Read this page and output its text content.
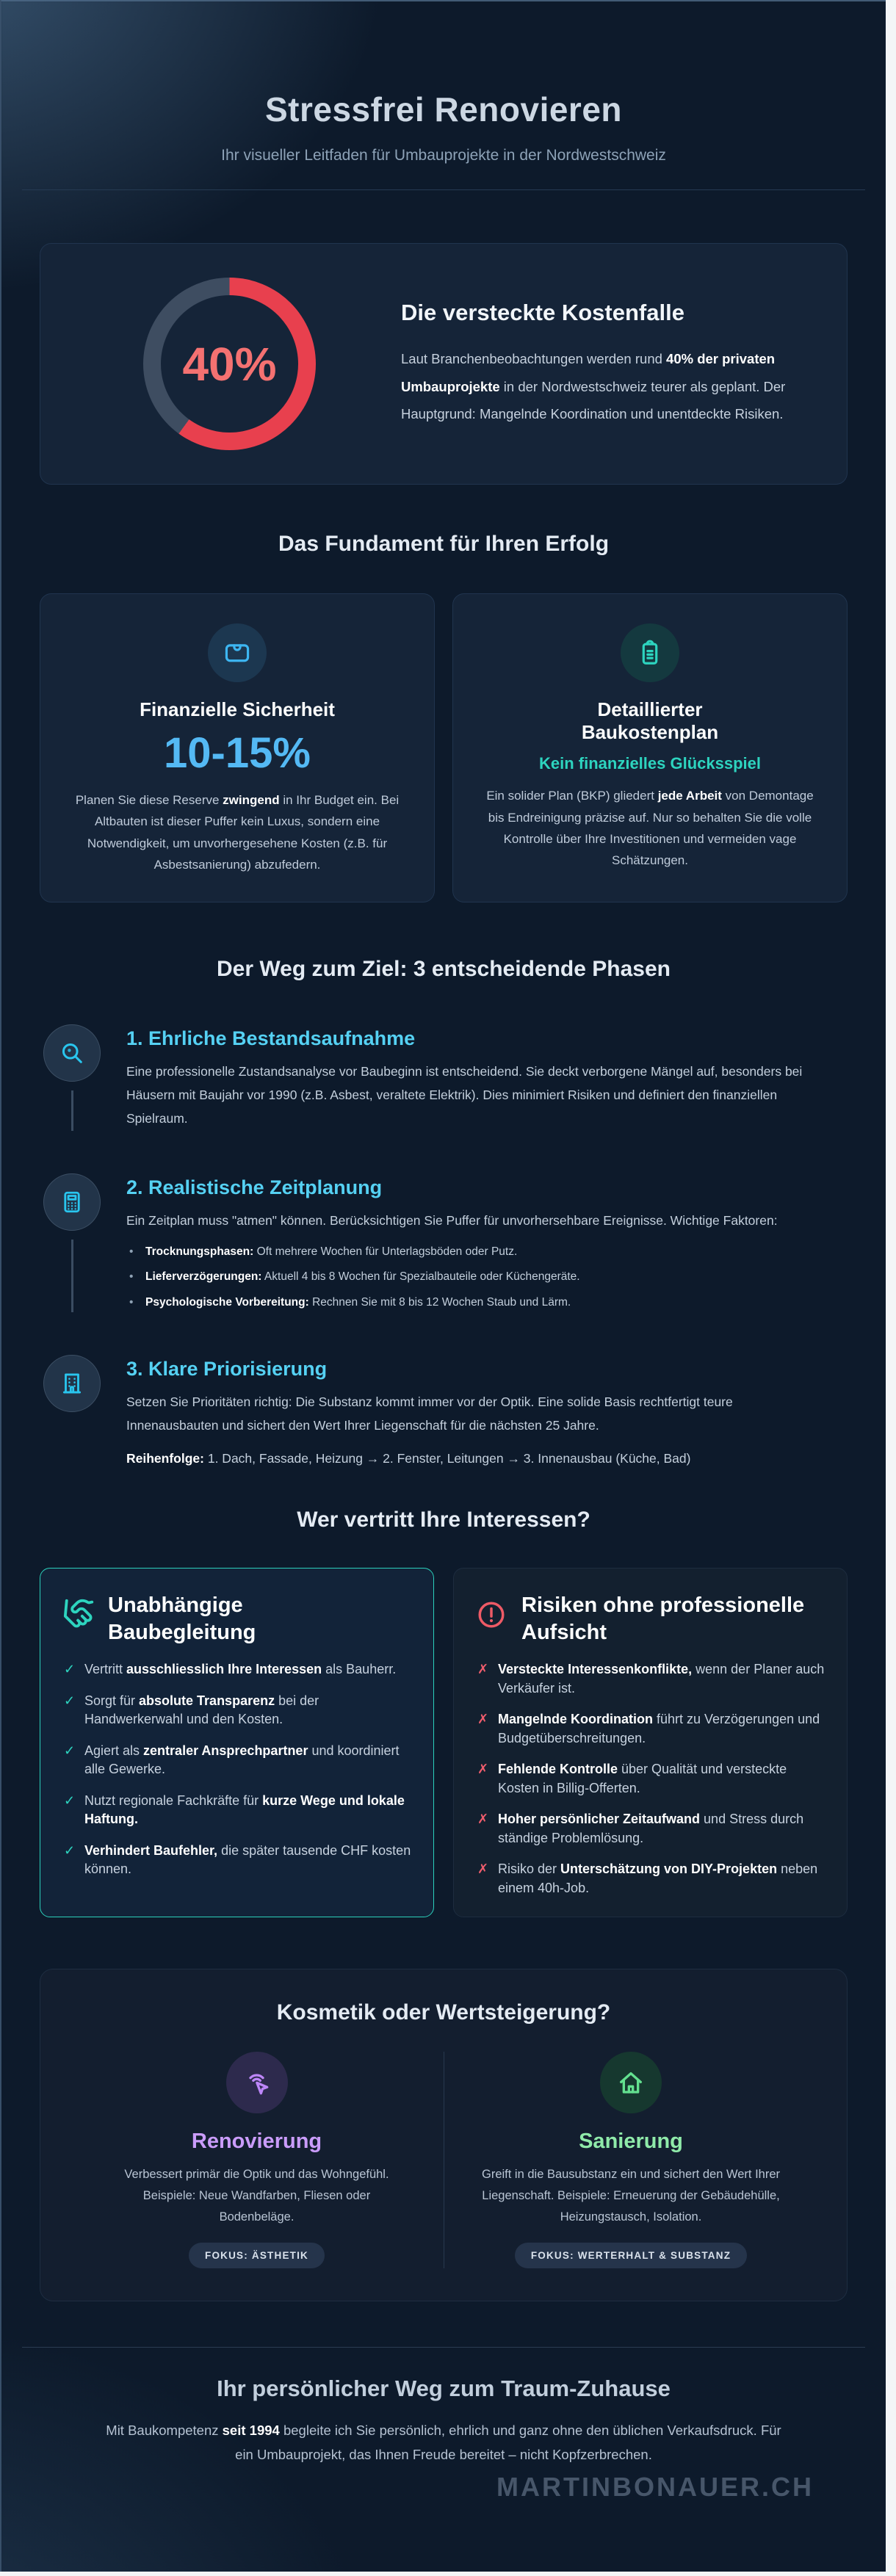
Stressfrei Renovieren
Ihr visueller Leitfaden für Umbauprojekte in der Nordwestschweiz
40%
Die versteckte Kostenfalle
Laut Branchenbeobachtungen werden rund 40% der privaten Umbauprojekte in der Nordwestschweiz teurer als geplant. Der Hauptgrund: Mangelnde Koordination und unentdeckte Risiken.
Das Fundament für Ihren Erfolg
Finanzielle Sicherheit
10-15%
Planen Sie diese Reserve zwingend in Ihr Budget ein. Bei Altbauten ist dieser Puffer kein Luxus, sondern eine Notwendigkeit, um unvorhergesehene Kosten (z.B. für Asbestsanierung) abzufedern.
Detaillierter Baukostenplan
Kein finanzielles Glücksspiel
Ein solider Plan (BKP) gliedert jede Arbeit von Demontage bis Endreinigung präzise auf. Nur so behalten Sie die volle Kontrolle über Ihre Investitionen und vermeiden vage Schätzungen.
Der Weg zum Ziel: 3 entscheidende Phasen
1. Ehrliche Bestandsaufnahme
Eine professionelle Zustandsanalyse vor Baubeginn ist entscheidend. Sie deckt verborgene Mängel auf, besonders bei Häusern mit Baujahr vor 1990 (z.B. Asbest, veraltete Elektrik). Dies minimiert Risiken und definiert den finanziellen Spielraum.
2. Realistische Zeitplanung
Ein Zeitplan muss "atmen" können. Berücksichtigen Sie Puffer für unvorhersehbare Ereignisse. Wichtige Faktoren:
•	Trocknungsphasen: Oft mehrere Wochen für Unterlagsböden oder Putz.
•	Lieferverzögerungen: Aktuell 4 bis 8 Wochen für Spezialbauteile oder Küchengeräte.
•	Psychologische Vorbereitung: Rechnen Sie mit 8 bis 12 Wochen Staub und Lärm.
3. Klare Priorisierung
Setzen Sie Prioritäten richtig: Die Substanz kommt immer vor der Optik. Eine solide Basis rechtfertigt teure Innenausbauten und sichert den Wert Ihrer Liegenschaft für die nächsten 25 Jahre.
Reihenfolge: 1. Dach, Fassade, Heizung → 2. Fenster, Leitungen → 3. Innenausbau (Küche, Bad)
Wer vertritt Ihre Interessen?
Unabhängige Baubegleitung
✓ Vertritt ausschliesslich Ihre Interessen als Bauherr.
✓ Sorgt für absolute Transparenz bei der Handwerkerwahl und den Kosten.
✓ Agiert als zentraler Ansprechpartner und koordiniert alle Gewerke.
✓ Nutzt regionale Fachkräfte für kurze Wege und lokale Haftung.
✓ Verhindert Baufehler, die später tausende CHF kosten können.
Risiken ohne professionelle Aufsicht
✗ Versteckte Interessenkonflikte, wenn der Planer auch Verkäufer ist.
✗ Mangelnde Koordination führt zu Verzögerungen und Budgetüberschreitungen.
✗ Fehlende Kontrolle über Qualität und versteckte Kosten in Billig-Offerten.
✗ Hoher persönlicher Zeitaufwand und Stress durch ständige Problemlösung.
✗ Risiko der Unterschätzung von DIY-Projekten neben einem 40h-Job.
Kosmetik oder Wertsteigerung?
Renovierung
Verbessert primär die Optik und das Wohngefühl. Beispiele: Neue Wandfarben, Fliesen oder Bodenbeläge.
FOKUS: ÄSTHETIK
Sanierung
Greift in die Bausubstanz ein und sichert den Wert Ihrer Liegenschaft. Beispiele: Erneuerung der Gebäudehülle, Heizungstausch, Isolation.
FOKUS: WERTERHALT & SUBSTANZ
Ihr persönlicher Weg zum Traum-Zuhause
Mit Baukompetenz seit 1994 begleite ich Sie persönlich, ehrlich und ganz ohne den üblichen Verkaufsdruck. Für ein Umbauprojekt, das Ihnen Freude bereitet – nicht Kopfzerbrechen.
MARTINBONAUER.CH
